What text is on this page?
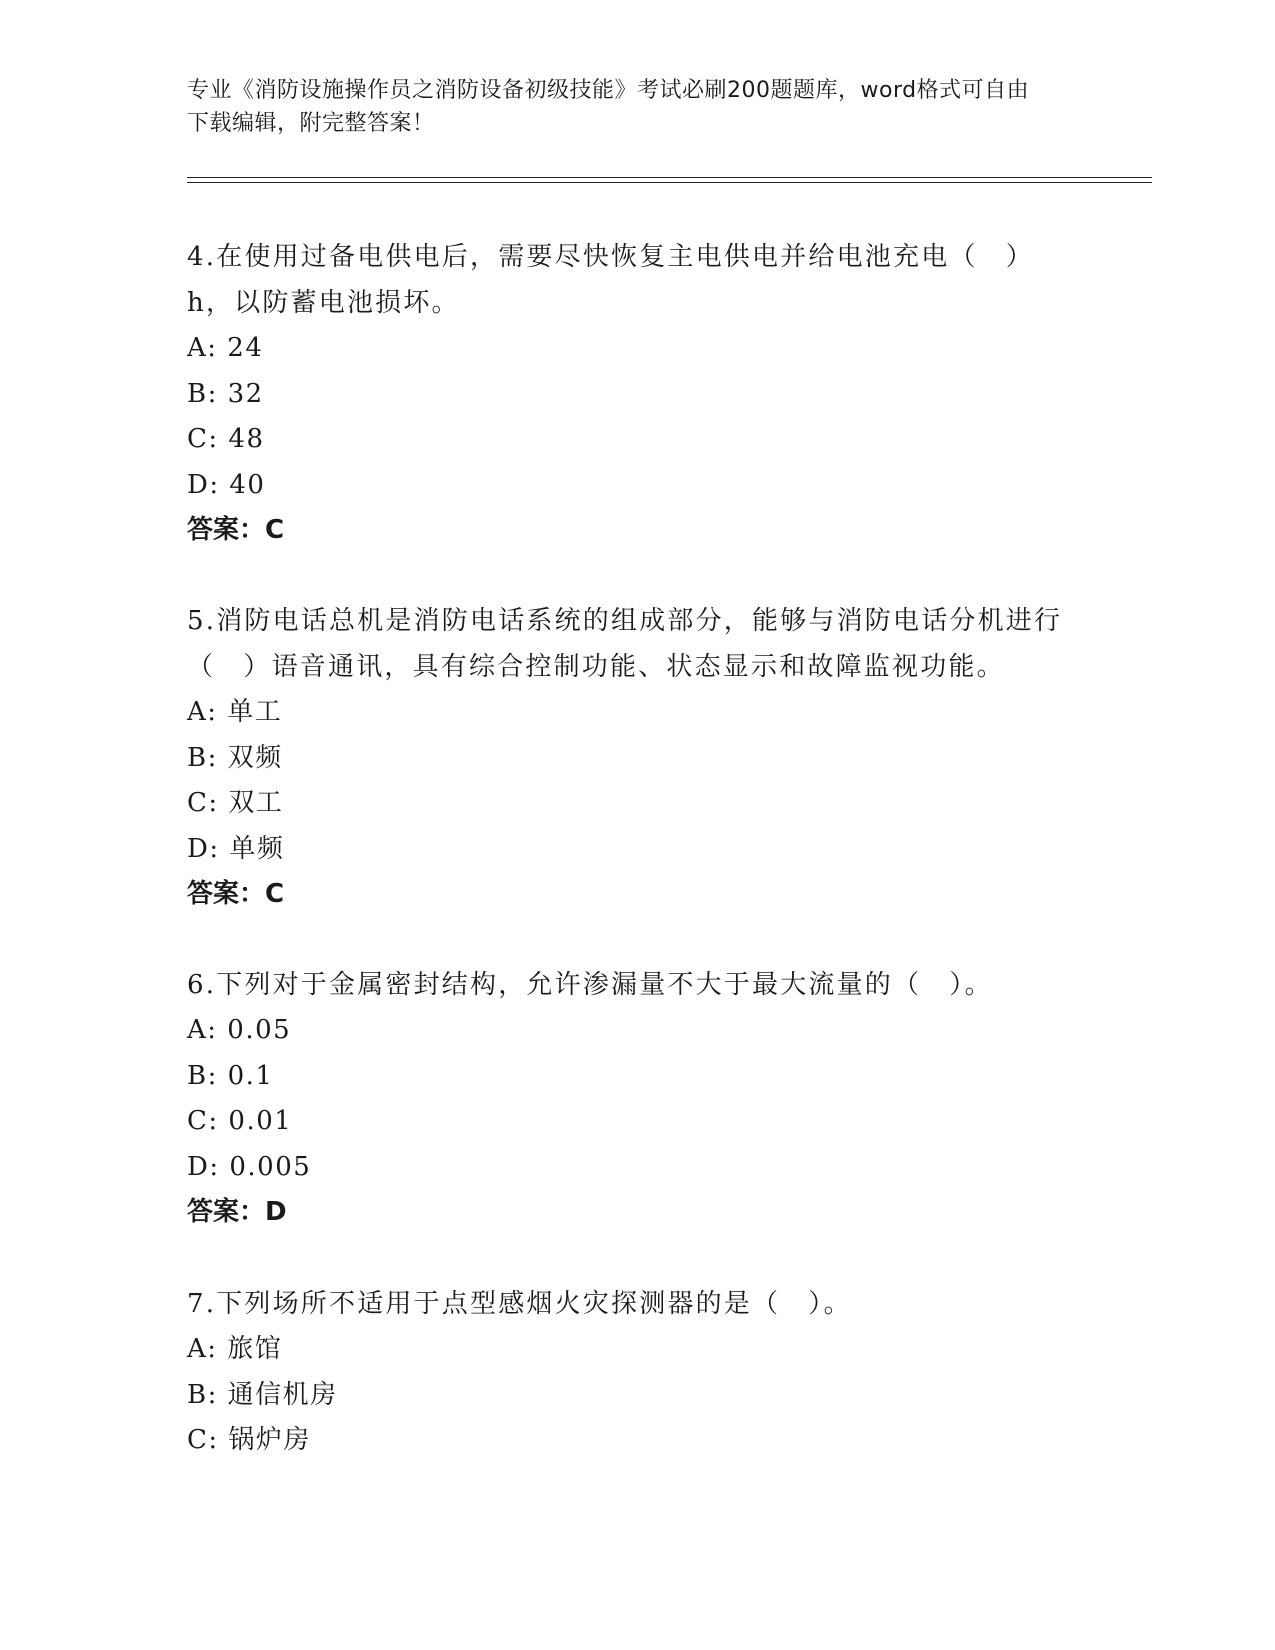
专业《消防设施操作员之消防设备初级技能》考试必刷200题题库，word格式可自由下载编辑，附完整答案！
4.在使用过备电供电后，需要尽快恢复主电供电并给电池充电（　）h，以防蓄电池损坏。
A: 24
B: 32
C: 48
D: 40
答案：C
5.消防电话总机是消防电话系统的组成部分，能够与消防电话分机进行（　）语音通讯，具有综合控制功能、状态显示和故障监视功能。
A: 单工
B: 双频
C: 双工
D: 单频
答案：C
6.下列对于金属密封结构，允许渗漏量不大于最大流量的（　）。
A: 0.05
B: 0.1
C: 0.01
D: 0.005
答案：D
7.下列场所不适用于点型感烟火灾探测器的是（　）。
A: 旅馆
B: 通信机房
C: 锅炉房
